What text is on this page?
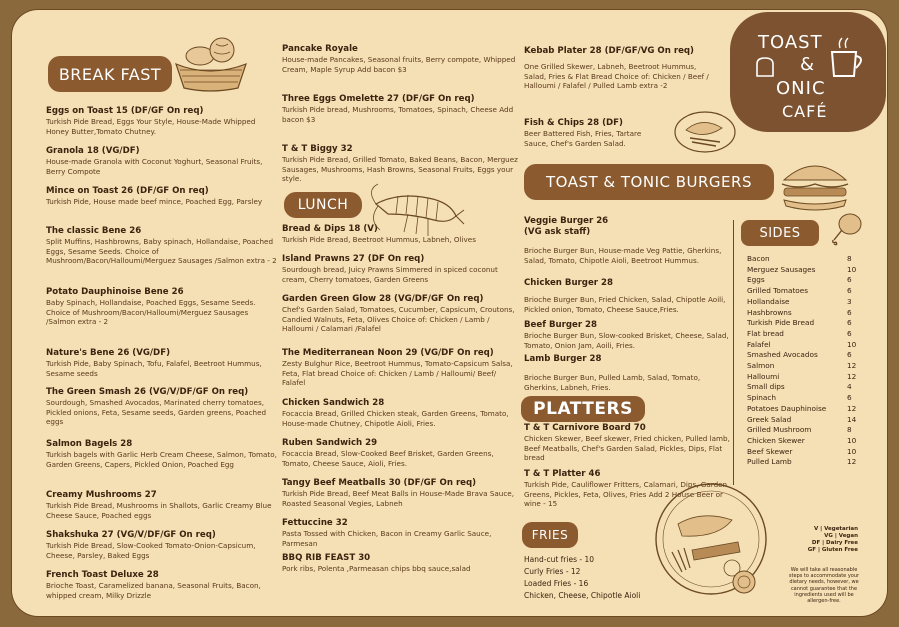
BREAK FAST
Eggs on Toast 15 (DF/GF On req)
Turkish Pide Bread, Eggs Your Style, House-Made Whipped Honey Butter,Tomato Chutney.
Granola 18 (VG/DF)
House-made Granola with Coconut Yoghurt, Seasonal Fruits, Berry Compote
Mince on Toast 26 (DF/GF On req)
Turkish Pide, House made beef mince, Poached Egg, Parsley
The classic Bene 26
Split Muffins, Hashbrowns, Baby spinach, Hollandaise, Poached Eggs, Sesame Seeds. Choice of Mushroom/Bacon/Halloumi/Merguez Sausages /Salmon extra - 2
Potato Dauphinoise Bene 26
Baby Spinach, Hollandaise, Poached Eggs, Sesame Seeds. Choice of Mushroom/Bacon/Halloumi/Merguez Sausages /Salmon extra - 2
Nature's Bene 26 (VG/DF)
Turkish Pide, Baby Spinach, Tofu, Falafel, Beetroot Hummus, Sesame seeds
The Green Smash 26 (VG/V/DF/GF On req)
Sourdough, Smashed Avocados, Marinated cherry tomatoes, Pickled onions, Feta, Sesame seeds, Garden greens, Poached eggs
Salmon Bagels 28
Turkish bagels with Garlic Herb Cream Cheese, Salmon, Tomato, Garden Greens, Capers, Pickled Onion, Poached Egg
Creamy Mushrooms 27
Turkish Pide Bread, Mushrooms in Shallots, Garlic Creamy Blue Cheese Sauce, Poached eggs
Shakshuka 27 (VG/V/DF/GF On req)
Turkish Pide Bread, Slow-Cooked Tomato-Onion-Capsicum, Cheese, Parsley, Baked Eggs
French Toast Deluxe 28
Brioche Toast, Caramelized banana, Seasonal Fruits, Bacon, whipped cream, Milky Drizzle
Pancake Royale
House-made Pancakes, Seasonal fruits, Berry compote, Whipped Cream, Maple Syrup Add bacon $3
Three Eggs Omelette 27 (DF/GF On req)
Turkish Pide bread, Mushrooms, Tomatoes, Spinach, Cheese Add bacon $3
T & T Biggy 32
Turkish Pide Bread, Grilled Tomato, Baked Beans, Bacon, Merguez Sausages, Mushrooms, Hash Browns, Seasonal Fruits, Eggs your style.
Bread & Dips 18 (V)
Turkish Pide Bread, Beetroot Hummus, Labneh, Olives
Island Prawns 27 (DF On req)
Sourdough bread, Juicy Prawns Simmered in spiced coconut cream, Cherry tomatoes, Garden Greens
Garden Green Glow 28 (VG/DF/GF On req)
Chef's Garden Salad, Tomatoes, Cucumber, Capsicum, Croutons, Candied Walnuts, Feta, Olives Choice of: Chicken / Lamb / Halloumi / Calamari /Falafel
The Mediterranean Noon 29 (VG/DF On req)
Zesty Bulghur Rice, Beetroot Hummus, Tomato-Capsicum Salsa, Feta, Flat bread Choice of: Chicken / Lamb / Halloumi/ Beef/ Falafel
Chicken Sandwich 28
Focaccia Bread, Grilled Chicken steak, Garden Greens, Tomato, House-made Chutney, Chipotle Aioli, Fries.
Ruben Sandwich 29
Focaccia Bread, Slow-Cooked Beef Brisket, Garden Greens, Tomato, Cheese Sauce, Aioli, Fries.
Tangy Beef Meatballs 30 (DF/GF On req)
Turkish Pide Bread, Beef Meat Balls in House-Made Brava Sauce, Roasted Seasonal Vegies, Labneh
Fettuccine 32
Pasta Tossed with Chicken, Bacon in Creamy Garlic Sauce, Parmesan
BBQ RIB FEAST 30
Pork ribs, Polenta ,Parmeasan chips bbq sauce,salad
LUNCH
Kebab Plater 28 (DF/GF/VG On req)
One Grilled Skewer, Labneh, Beetroot Hummus, Salad, Fries & Flat Bread Choice of: Chicken / Beef / Halloumi / Falafel / Pulled Lamb extra -2
Fish & Chips 28 (DF)
Beer Battered Fish, Fries, Tartare Sauce, Chef's Garden Salad.
Veggie Burger 26
(VG ask staff)
Brioche Burger Bun, House-made Veg Pattie, Gherkins, Salad, Tomato, Chipotle Aioli, Beetroot Hummus.
Chicken Burger 28
Brioche Burger Bun, Fried Chicken, Salad, Chipotle Aoili, Pickled onion, Tomato, Cheese Sauce,Fries.
Beef Burger 28
Brioche Burger Bun, Slow-cooked Brisket, Cheese, Salad, Tomato, Onion Jam, Aoili, Fries.
Lamb Burger 28
Brioche Burger Bun, Pulled Lamb, Salad, Tomato, Gherkins, Labneh, Fries.
T & T Carnivore Board 70
Chicken Skewer, Beef skewer, Fried chicken, Pulled lamb, Beef Meatballs, Chef's Garden Salad, Pickles, Dips, Flat bread
T & T Platter 46
Turkish Pide, Cauliflower Fritters, Calamari, Dips, Garden Greens, Pickles, Feta, Olives, Fries Add 2 House Beer or wine - 15
Hand-cut fries - 10
Curly Fries - 12
Loaded Fries - 16
Chicken, Cheese, Chipotle Aioli
TOAST
&
ONIC
CAFÉ
TOAST & TONIC BURGERS
SIDES
Bacon	8
Merguez Sausages	10
Eggs	6
Grilled Tomatoes	6
Hollandaise	3
Hashbrowns	6
Turkish Pide Bread	6
Flat bread	6
Falafel	10
Smashed Avocados	6
Salmon	12
Halloumi	12
Small dips	4
Spinach	6
Potatoes Dauphinoise	12
Greek Salad	14
Grilled Mushroom	8
Chicken Skewer	10
Beef Skewer	10
Pulled Lamb	12
PLATTERS
FRIES	V | Vegetarian
VG | Vegan
DF | Dairy Free
GF | Gluten Free
We will take all reasonable steps to accommodate your dietary needs, however, we cannot guarantee that the ingredients used will be allergen-free.
